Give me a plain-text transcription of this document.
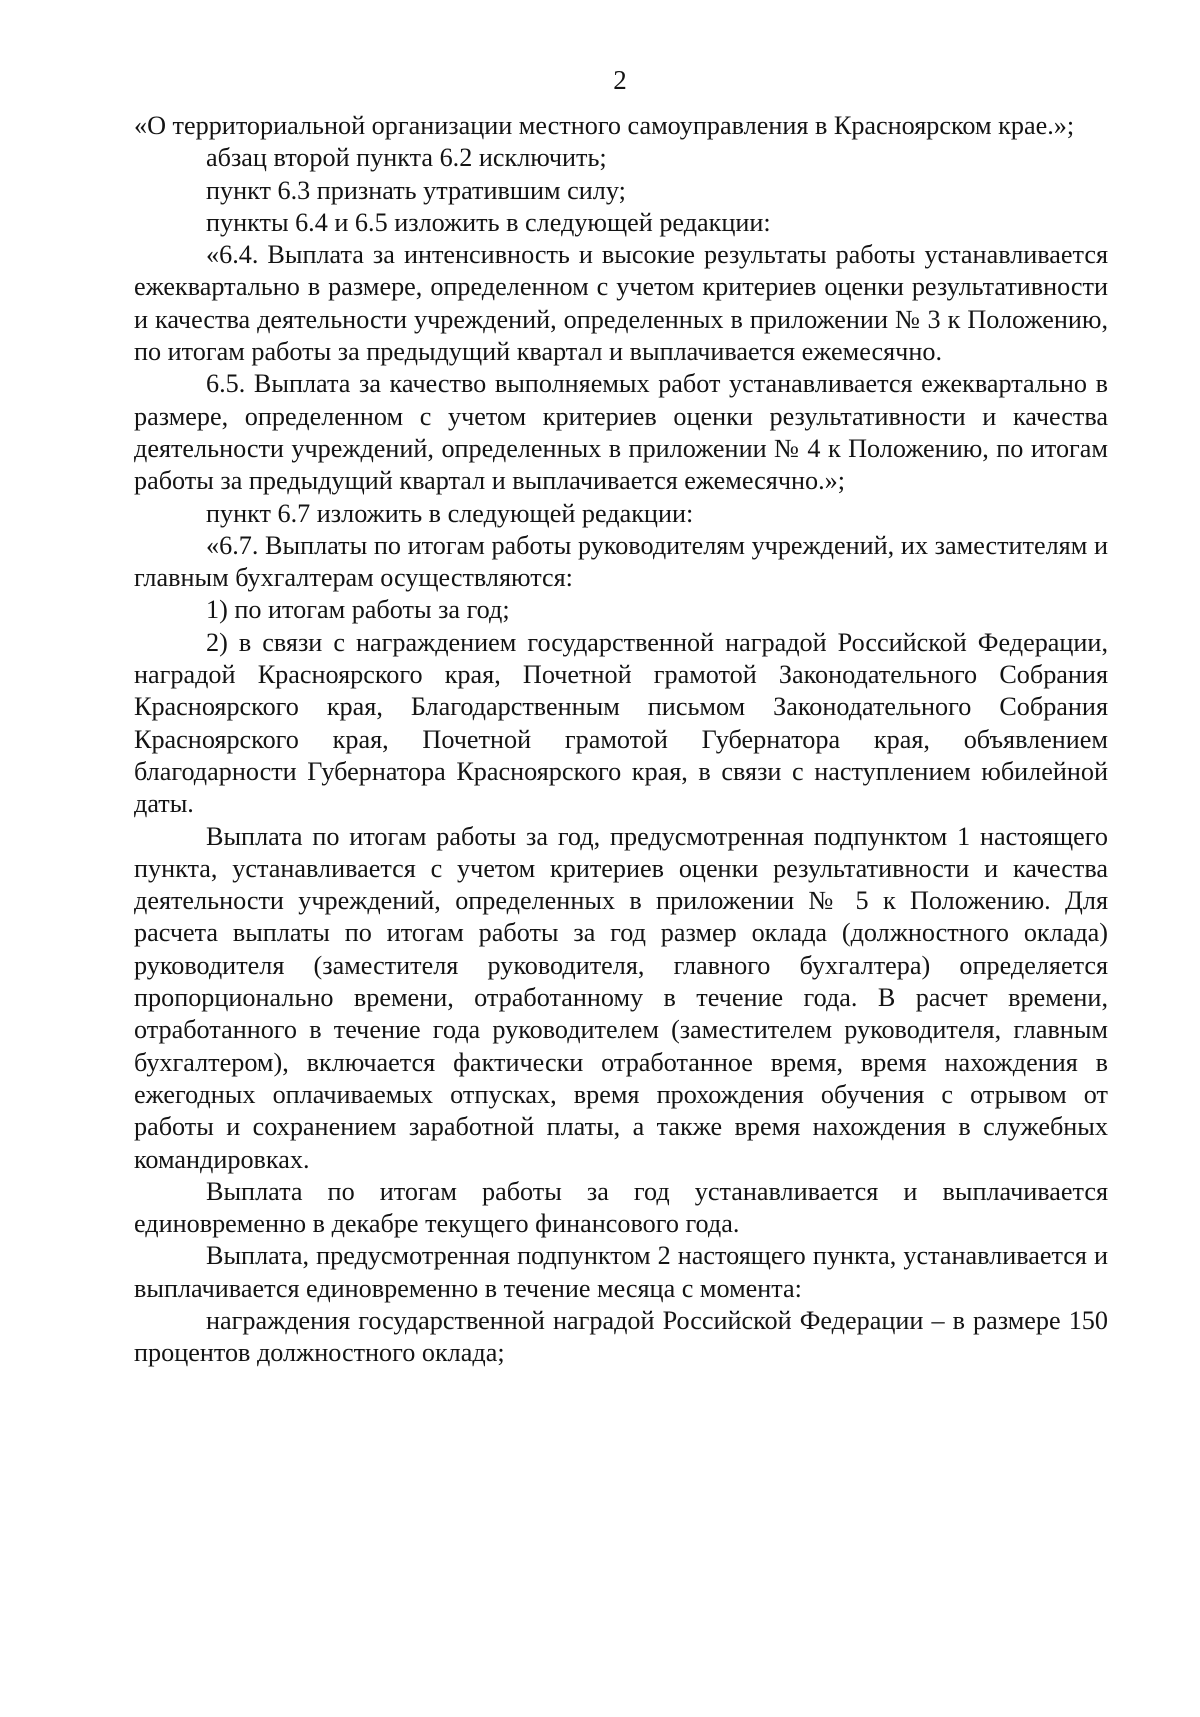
2

«О территориальной организации местного самоуправления в Красноярском крае.»;

абзац второй пункта 6.2 исключить;

пункт 6.3 признать утратившим силу;

пункты 6.4 и 6.5 изложить в следующей редакции:

«6.4. Выплата за интенсивность и высокие результаты работы устанавливается ежеквартально в размере, определенном с учетом критериев оценки результативности и качества деятельности учреждений, определенных в приложении № 3 к Положению, по итогам работы за предыдущий квартал и выплачивается ежемесячно.

6.5. Выплата за качество выполняемых работ устанавливается ежеквартально в размере, определенном с учетом критериев оценки результативности и качества деятельности учреждений, определенных в приложении № 4 к Положению, по итогам работы за предыдущий квартал и выплачивается ежемесячно.»;

пункт 6.7 изложить в следующей редакции:

«6.7. Выплаты по итогам работы руководителям учреждений, их заместителям и главным бухгалтерам осуществляются:

1) по итогам работы за год;

2) в связи с награждением государственной наградой Российской Федерации, наградой Красноярского края, Почетной грамотой Законодательного Собрания Красноярского края, Благодарственным письмом Законодательного Собрания Красноярского края, Почетной грамотой Губернатора края, объявлением благодарности Губернатора Красноярского края, в связи с наступлением юбилейной даты.

Выплата по итогам работы за год, предусмотренная подпунктом 1 настоящего пункта, устанавливается с учетом критериев оценки результативности и качества деятельности учреждений, определенных в приложении № 5 к Положению. Для расчета выплаты по итогам работы за год размер оклада (должностного оклада) руководителя (заместителя руководителя, главного бухгалтера) определяется пропорционально времени, отработанному в течение года. В расчет времени, отработанного в течение года руководителем (заместителем руководителя, главным бухгалтером), включается фактически отработанное время, время нахождения в ежегодных оплачиваемых отпусках, время прохождения обучения с отрывом от работы и сохранением заработной платы, а также время нахождения в служебных командировках.

Выплата по итогам работы за год устанавливается и выплачивается единовременно в декабре текущего финансового года.

Выплата, предусмотренная подпунктом 2 настоящего пункта, устанавливается и выплачивается единовременно в течение месяца с момента:

награждения государственной наградой Российской Федерации – в размере 150 процентов должностного оклада;
